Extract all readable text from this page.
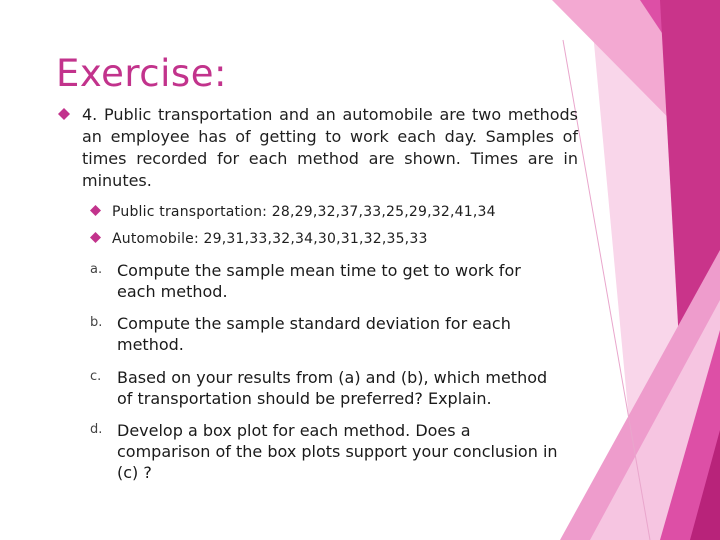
Exercise:
4. Public transportation and an automobile are two methods an employee has of getting to work each day. Samples of times recorded for each method are shown. Times are in minutes.
Public transportation: 28,29,32,37,33,25,29,32,41,34
Automobile: 29,31,33,32,34,30,31,32,35,33
a. Compute the sample mean time to get to work for each method.
b. Compute the sample standard deviation for each method.
c. Based on your results from (a) and (b), which method of transportation should be preferred? Explain.
d. Develop a box plot for each method. Does a comparison of the box plots support your conclusion in (c) ?
